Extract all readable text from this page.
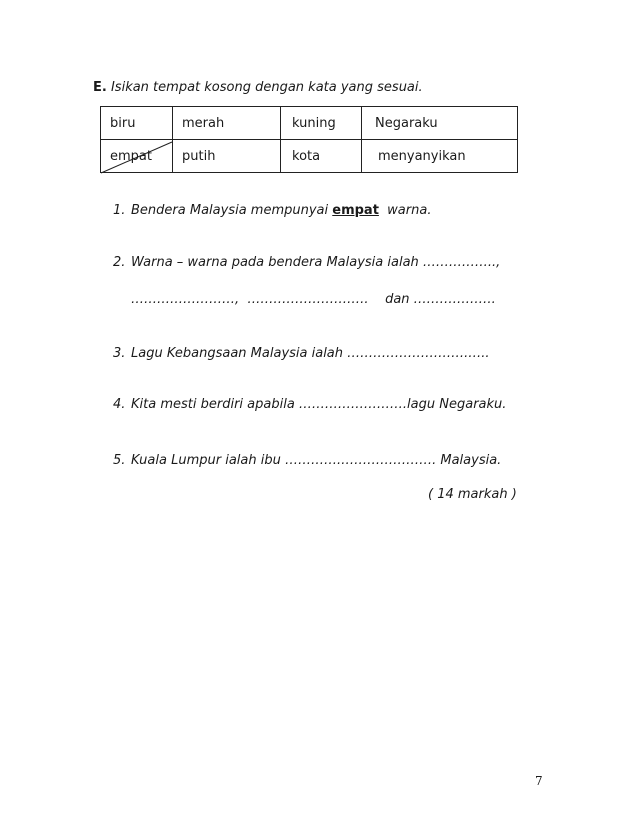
E. Isikan tempat kosong dengan kata yang sesuai.
biru	merah	kuning	Negaraku
empat	putih	kota	menyanyikan
1. Bendera Malaysia mempunyai empat warna.
2. Warna – warna pada bendera Malaysia ialah ……………..,
……………………, ………………………. dan ……………….
3. Lagu Kebangsaan Malaysia ialah ……………………….…..
4. Kita mesti berdiri apabila …………………….lagu Negaraku.
5. Kuala Lumpur ialah ibu ………….…………………. Malaysia.
( 14 markah )
7
